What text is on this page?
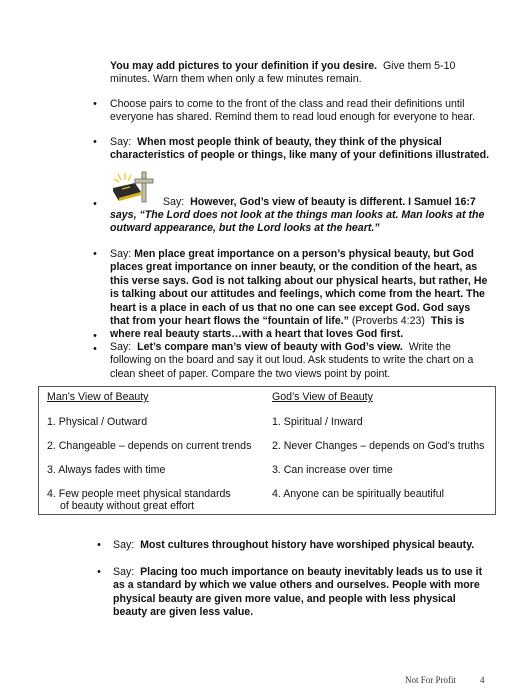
You may add pictures to your definition if you desire. Give them 5-10
minutes. Warn them when only a few minutes remain.
• Choose pairs to come to the front of the class and read their definitions until
everyone has shared. Remind them to read loud enough for everyone to hear.
• Say: When most people think of beauty, they think of the physical
characteristics of people or things, like many of your definitions illustrated.
•	Say: However, God’s view of beauty is different. I Samuel 16:7
says, “The Lord does not look at the things man looks at. Man looks at the
outward appearance, but the Lord looks at the heart.”
• Say: Men place great importance on a person’s physical beauty, but God
places great importance on inner beauty, or the condition of the heart, as
this verse says. God is not talking about our physical hearts, but rather, He
is talking about our attitudes and feelings, which come from the heart. The
heart is a place in each of us that no one can see except God. God says
that from your heart flows the “fountain of life.” (Proverbs 4:23) This is
where real beauty starts…with a heart that loves God first.
•
• Say: Let’s compare man’s view of beauty with God’s view. Write the
following on the board and say it out loud. Ask students to write the chart on a
clean sheet of paper. Compare the two views point by point.
Man’s View of Beauty	God’s View of Beauty
1. Physical / Outward	1. Spiritual / Inward
2. Changeable – depends on current trends 2. Never Changes – depends on God’s truths
3. Always fades with time	3. Can increase over time
4. Few people meet physical standards
of beauty without great effort
4. Anyone can be spiritually beautiful
• Say: Most cultures throughout history have worshiped physical beauty.
• Say: Placing too much importance on beauty inevitably leads us to use it
as a standard by which we value others and ourselves. People with more
physical beauty are given more value, and people with less physical
beauty are given less value.
Not For Profit	4
